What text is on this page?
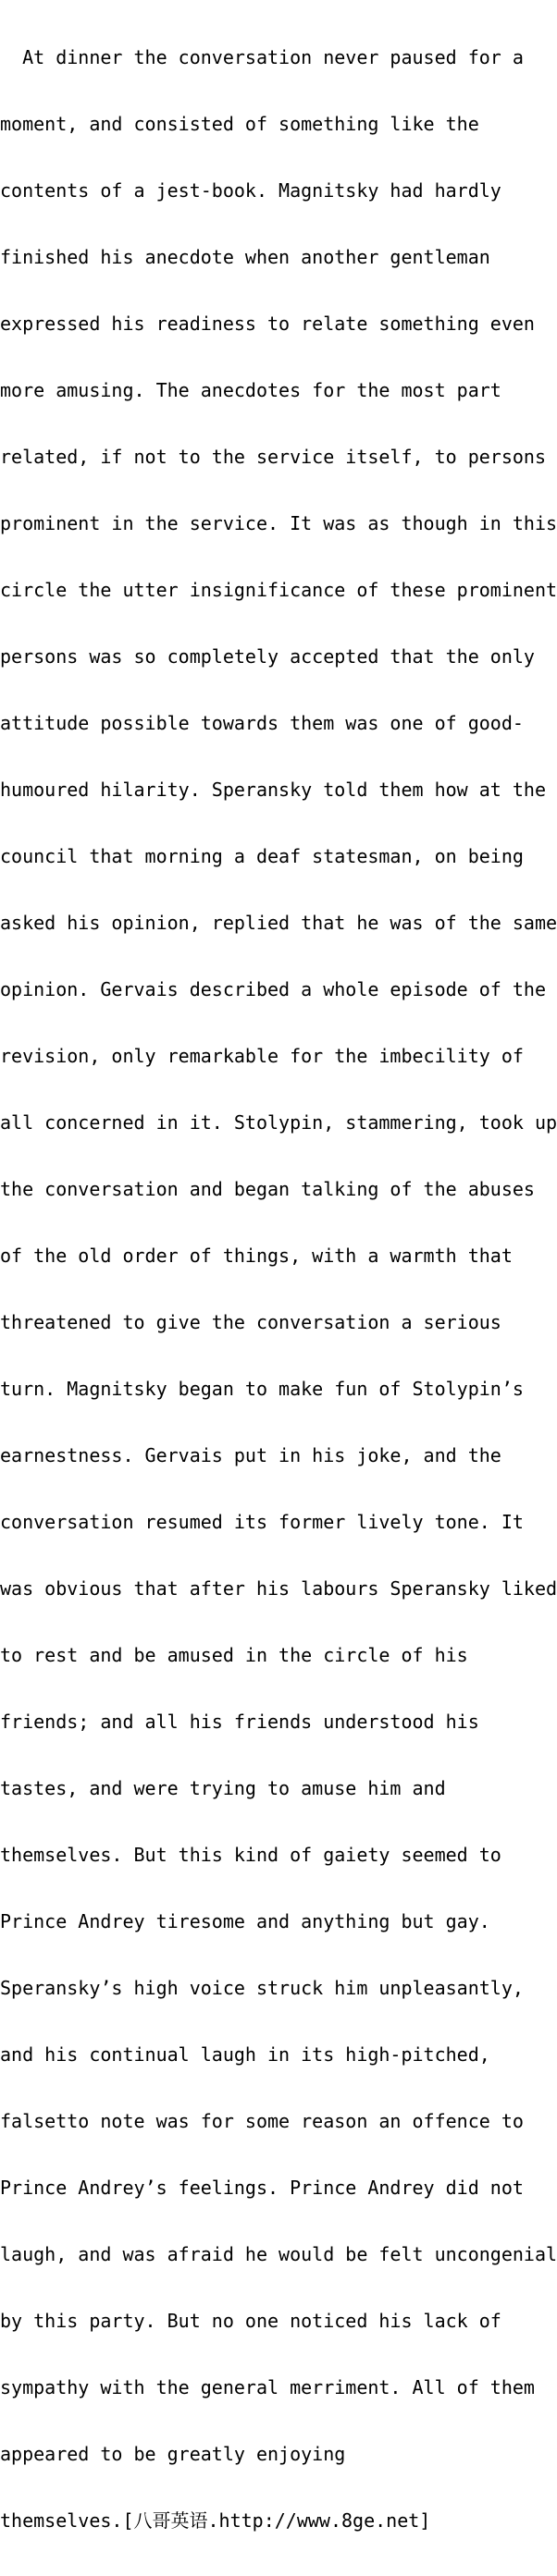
At dinner the conversation never paused for a

moment, and consisted of something like the

contents of a jest-book. Magnitsky had hardly

finished his anecdote when another gentleman

expressed his readiness to relate something even

more amusing. The anecdotes for the most part

related, if not to the service itself, to persons

prominent in the service. It was as though in this

circle the utter insignificance of these prominent

persons was so completely accepted that the only

attitude possible towards them was one of good-

humoured hilarity. Speransky told them how at the

council that morning a deaf statesman, on being

asked his opinion, replied that he was of the same

opinion. Gervais described a whole episode of the

revision, only remarkable for the imbecility of

all concerned in it. Stolypin, stammering, took up

the conversation and began talking of the abuses

of the old order of things, with a warmth that

threatened to give the conversation a serious

turn. Magnitsky began to make fun of Stolypin’s

earnestness. Gervais put in his joke, and the

conversation resumed its former lively tone. It

was obvious that after his labours Speransky liked

to rest and be amused in the circle of his

friends; and all his friends understood his

tastes, and were trying to amuse him and

themselves. But this kind of gaiety seemed to

Prince Andrey tiresome and anything but gay.

Speransky’s high voice struck him unpleasantly,

and his continual laugh in its high-pitched,

falsetto note was for some reason an offence to

Prince Andrey’s feelings. Prince Andrey did not

laugh, and was afraid he would be felt uncongenial

by this party. But no one noticed his lack of

sympathy with the general merriment. All of them

appeared to be greatly enjoying

themselves.[八哥英语.http://www.8ge.net]
